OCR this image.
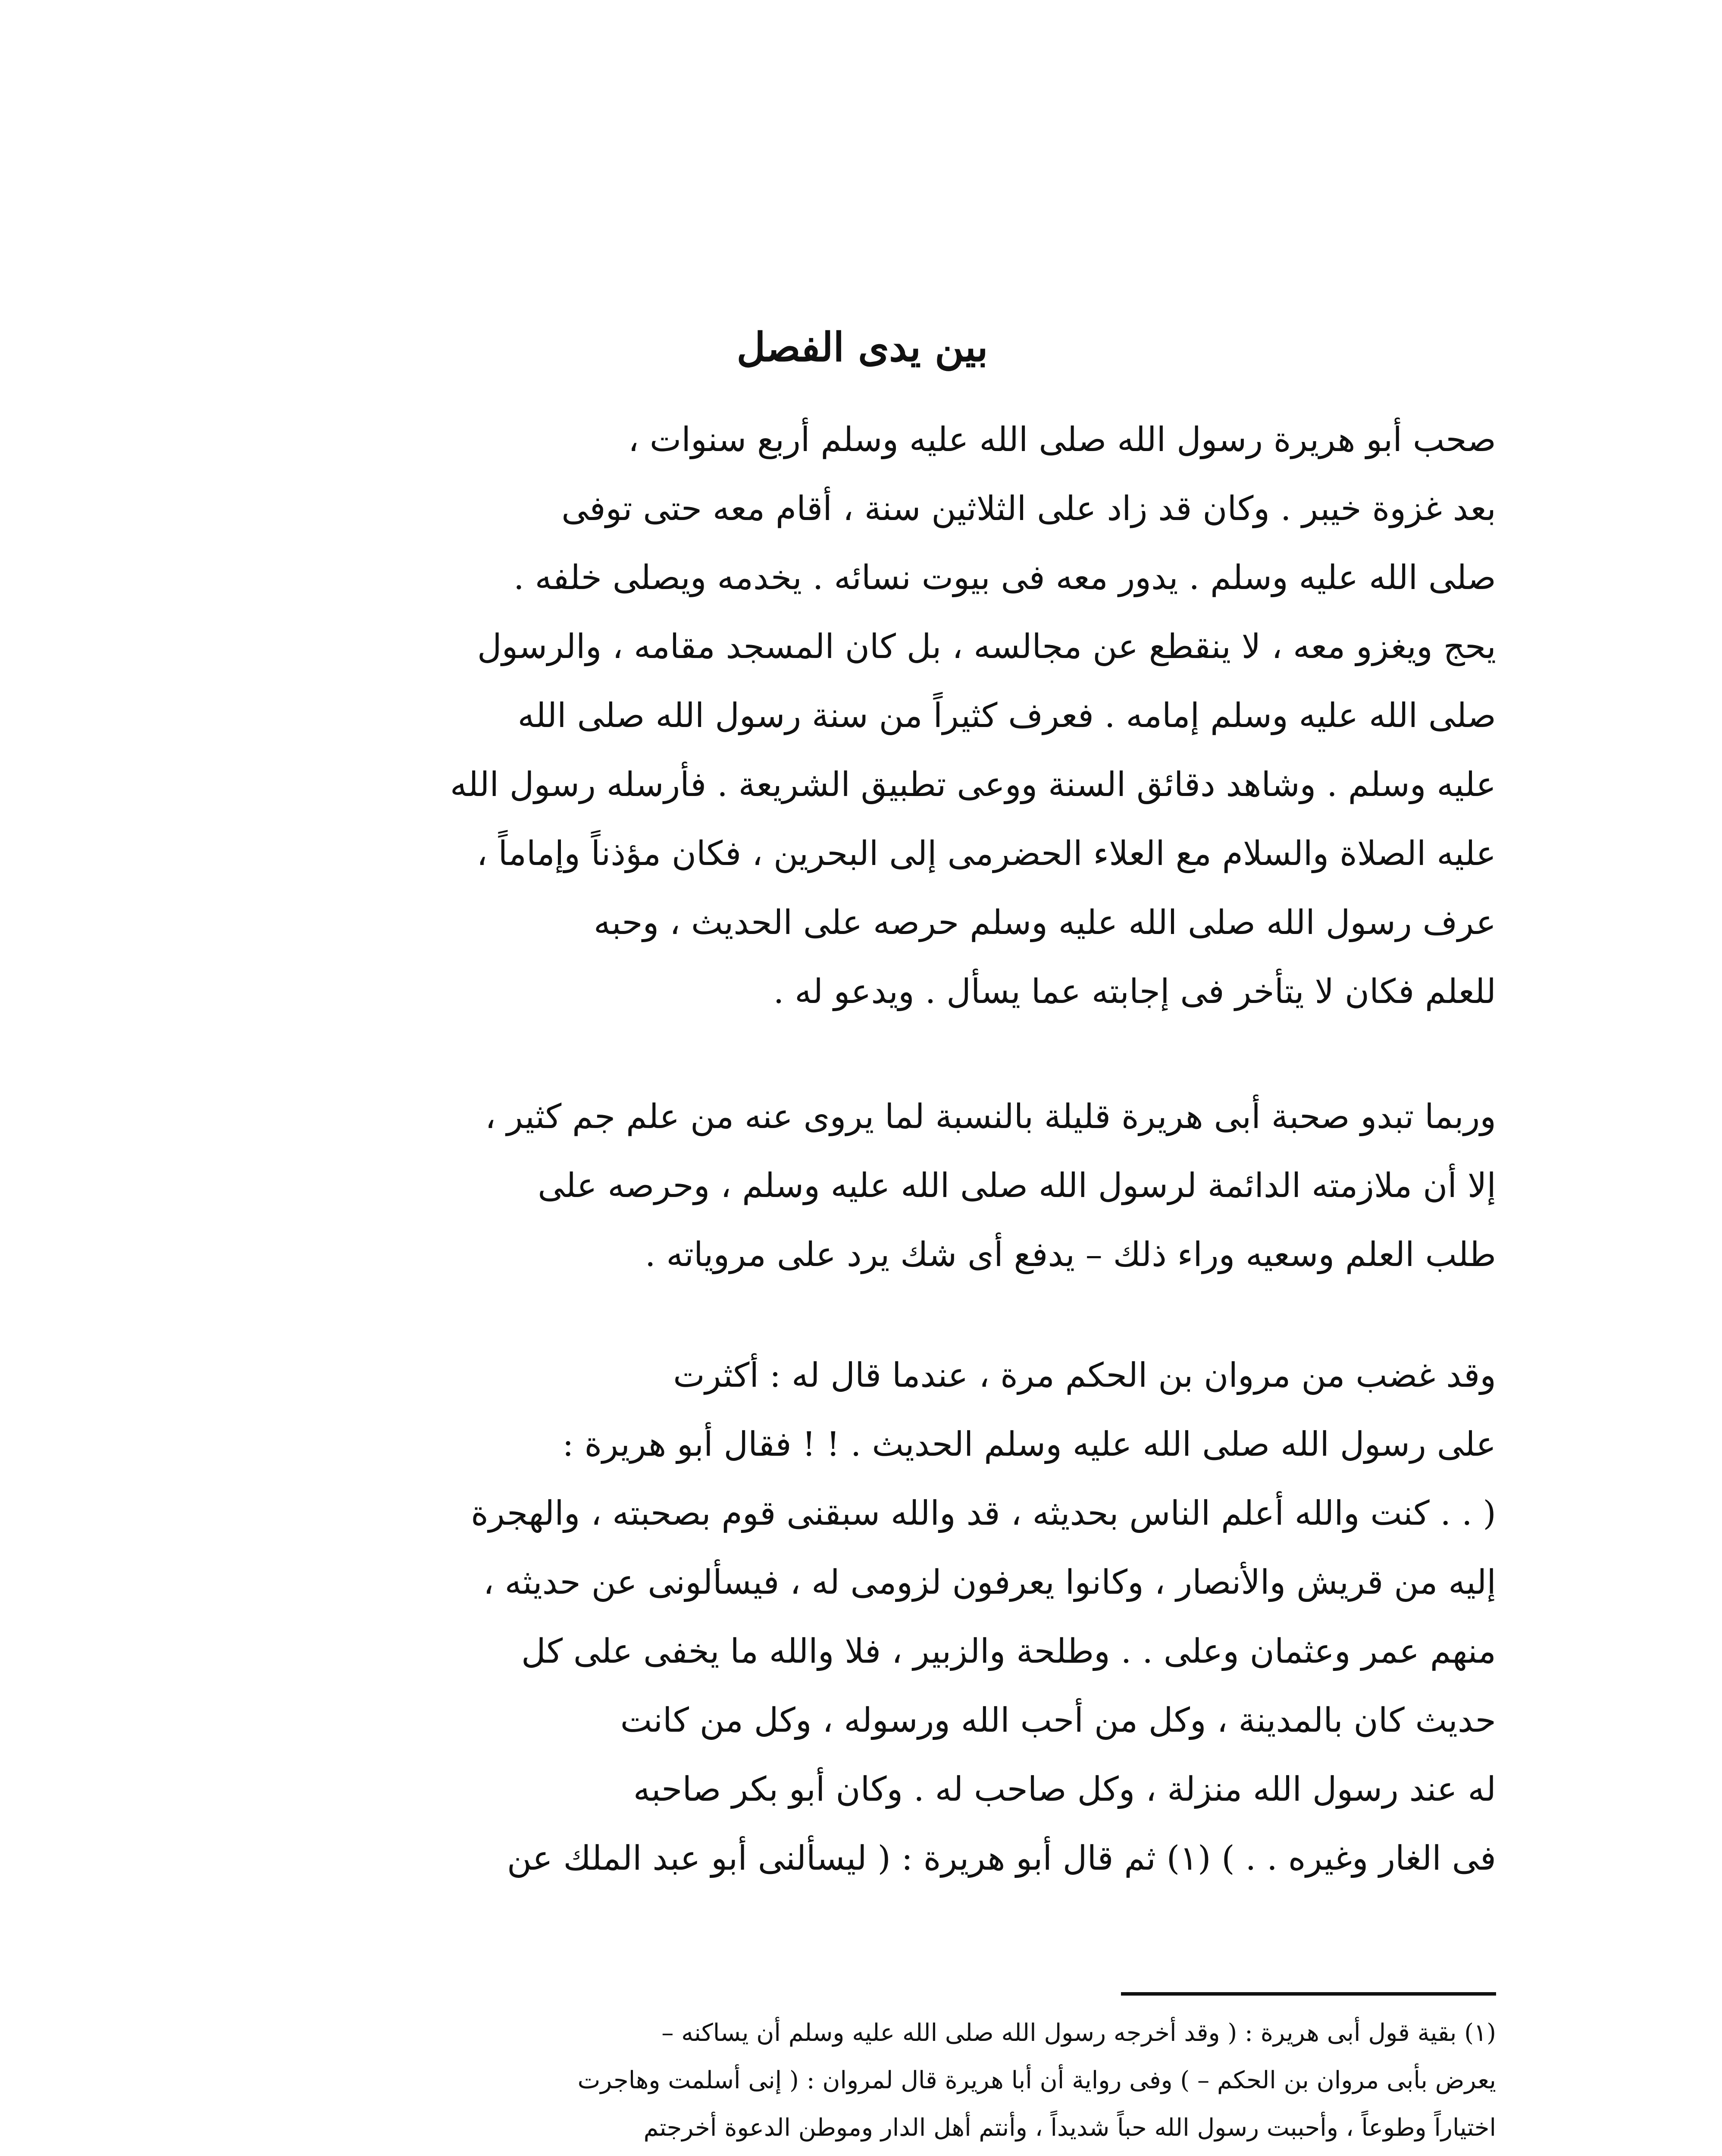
بين يدى الفصل
صحب أبو هريرة رسول الله صلى الله عليه وسلم أربع سنوات ،
بعد غزوة خيبر . وكان قد زاد على الثلاثين سنة ، أقام معه حتى توفى
صلى الله عليه وسلم . يدور معه فى بيوت نسائه . يخدمه ويصلى خلفه .
يحج ويغزو معه ، لا ينقطع عن مجالسه ، بل كان المسجد مقامه ، والرسول
صلى الله عليه وسلم إمامه . فعرف كثيراً من سنة رسول الله صلى الله
عليه وسلم . وشاهد دقائق السنة ووعى تطبيق الشريعة . فأرسله رسول الله
عليه الصلاة والسلام مع العلاء الحضرمى إلى البحرين ، فكان مؤذناً وإماماً ،
عرف رسول الله صلى الله عليه وسلم حرصه على الحديث ، وحبه
للعلم فكان لا يتأخر فى إجابته عما يسأل . ويدعو له .
وربما تبدو صحبة أبى هريرة قليلة بالنسبة لما يروى عنه من علم جم كثير ،
إلا أن ملازمته الدائمة لرسول الله صلى الله عليه وسلم ، وحرصه على
طلب العلم وسعيه وراء ذلك – يدفع أى شك يرد على مروياته .
وقد غضب من مروان بن الحكم مرة ، عندما قال له : أكثرت
على رسول الله صلى الله عليه وسلم الحديث . ! ! فقال أبو هريرة :
( . . كنت والله أعلم الناس بحديثه ، قد والله سبقنى قوم بصحبته ، والهجرة
إليه من قريش والأنصار ، وكانوا يعرفون لزومى له ، فيسألونى عن حديثه ،
منهم عمر وعثمان وعلى . . وطلحة والزبير ، فلا والله ما يخفى على كل
حديث كان بالمدينة ، وكل من أحب الله ورسوله ، وكل من كانت
له عند رسول الله منزلة ، وكل صاحب له . وكان أبو بكر صاحبه
فى الغار وغيره . . ) (١) ثم قال أبو هريرة : ( ليسألنى أبو عبد الملك عن
(١) بقية قول أبى هريرة : ( وقد أخرجه رسول الله صلى الله عليه وسلم أن يساكنه –
يعرض بأبى مروان بن الحكم – ) وفى رواية أن أبا هريرة قال لمروان : ( إنى أسلمت وهاجرت
اختياراً وطوعاً ، وأحببت رسول الله حباً شديداً ، وأنتم أهل الدار وموطن الدعوة أخرجتم
